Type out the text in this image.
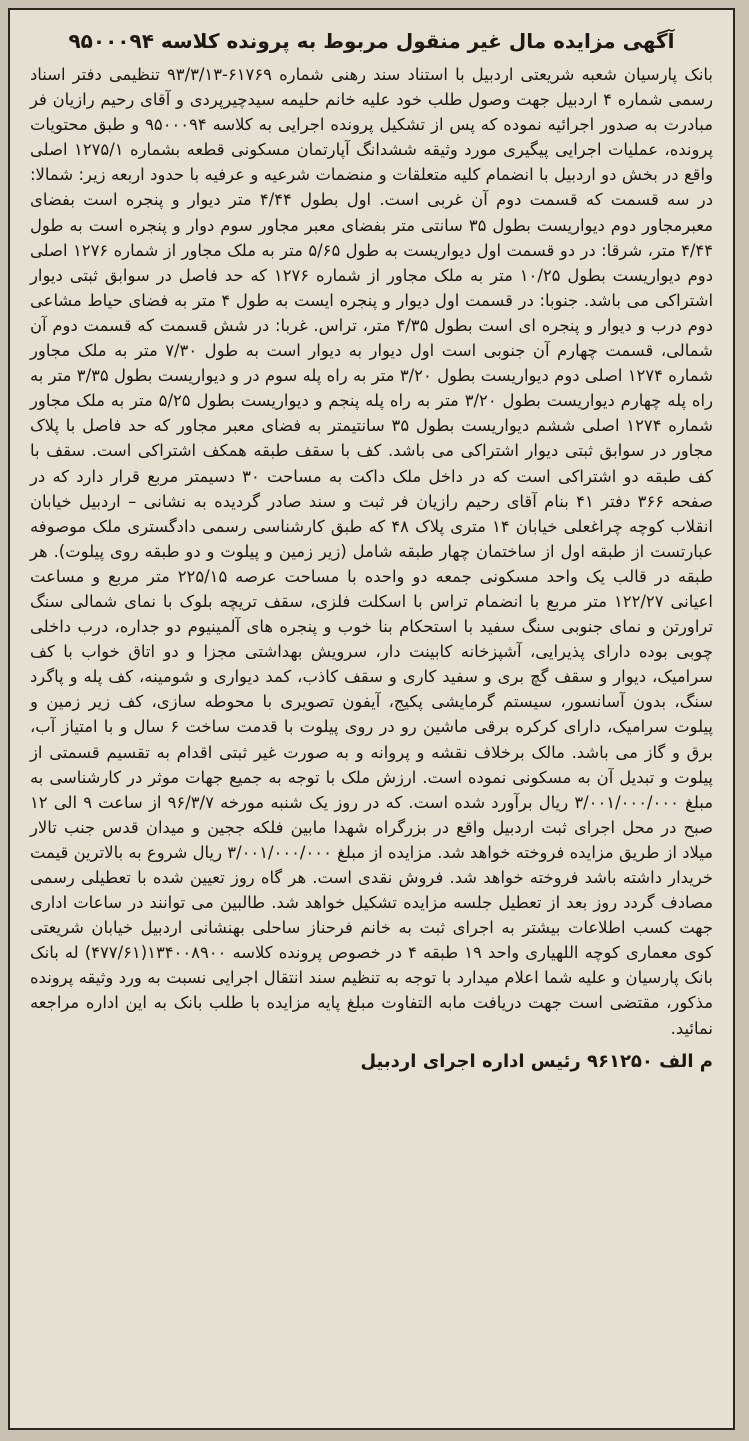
آگهی مزایده مال غیر منقول مربوط به پرونده کلاسه ۹۵۰۰۰۹۴

بانک پارسیان شعبه شریعتی اردبیل با استناد سند رهنی شماره ۶۱۷۶۹-۹۳/۳/۱۳ تنظیمی دفتر اسناد رسمی شماره ۴ اردبیل جهت وصول طلب خود علیه خانم حلیمه سیدچیرپردی و آقای رحیم رازیان فر مبادرت به صدور اجرائیه نموده که پس از تشکیل پرونده اجرایی به کلاسه ۹۵۰۰۰۹۴ و طبق محتویات پرونده، عملیات اجرایی پیگیری مورد وثیقه ششدانگ آپارتمان مسکونی قطعه بشماره ۱۲۷۵/۱ اصلی واقع در بخش دو اردبیل با انضمام کلیه متعلقات و منضمات شرعیه و عرفیه با حدود اربعه زیر: شمالا: در سه قسمت که قسمت دوم آن غربی است. اول بطول ۴/۴۴ متر دیوار و پنجره است بفضای معبرمجاور دوم دیواریست بطول ۳۵ سانتی متر بفضای معبر مجاور سوم دوار و پنجره است به طول ۴/۴۴ متر، شرقا: در دو قسمت اول دیواریست به طول ۵/۶۵ متر به ملک مجاور از شماره ۱۲۷۶ اصلی دوم دیواریست بطول ۱۰/۲۵ متر به ملک مجاور از شماره ۱۲۷۶ که حد فاصل در سوابق ثبتی دیوار اشتراکی می باشد. جنوبا: در قسمت اول دیوار و پنجره ایست به طول ۴ متر به فضای حیاط مشاعی دوم درب و دیوار و پنجره ای است بطول ۴/۳۵ متر، تراس. غربا: در شش قسمت که قسمت دوم آن شمالی، قسمت چهارم آن جنوبی است اول دیوار به دیوار است به طول ۷/۳۰ متر به ملک مجاور شماره ۱۲۷۴ اصلی دوم دیواریست بطول ۳/۲۰ متر به راه پله سوم در و دیواریست بطول ۳/۳۵ متر به راه پله چهارم دیواریست بطول ۳/۲۰ متر به راه پله پنجم و دیواریست بطول ۵/۲۵ متر به ملک مجاور شماره ۱۲۷۴ اصلی ششم دیواریست بطول ۳۵ سانتیمتر به فضای معبر مجاور که حد فاصل با پلاک مجاور در سوابق ثبتی دیوار اشتراکی می باشد. کف با سقف طبقه همکف اشتراکی است. سقف با کف طبقه دو اشتراکی است که در داخل ملک داکت به مساحت ۳۰ دسیمتر مربع قرار دارد که در صفحه ۳۶۶ دفتر ۴۱ بنام آقای رحیم رازیان فر ثبت و سند صادر گردیده به نشانی – اردبیل خیابان انقلاب کوچه چراغعلی خیابان ۱۴ متری پلاک ۴۸ که طبق کارشناسی رسمی دادگستری ملک موصوفه عبارتست از طبقه اول از ساختمان چهار طبقه شامل (زیر زمین و پیلوت و دو طبقه روی پیلوت). هر طبقه در قالب یک واحد مسکونی جمعه دو واحده با مساحت عرصه ۲۲۵/۱۵ متر مربع و مساعت اعیانی ۱۲۲/۲۷ متر مربع با انضمام تراس با اسکلت فلزی، سقف تریچه بلوک با نمای شمالی سنگ تراورتن و نمای جنوبی سنگ سفید با استحکام بنا خوب و پنجره های آلمینیوم دو جداره، درب داخلی چوبی بوده دارای پذیرایی، آشپزخانه کابینت دار، سرویش بهداشتی مجزا و دو اتاق خواب با کف سرامیک، دیوار و سقف گچ بری و سفید کاری و سقف کاذب، کمد دیواری و شومینه، کف پله و پاگرد سنگ، بدون آسانسور، سیستم گرمایشی پکیج، آیفون تصویری با محوطه سازی، کف زیر زمین و پیلوت سرامیک، دارای کرکره برقی ماشین رو در روی پیلوت با قدمت ساخت ۶ سال و با امتیاز آب، برق و گاز می باشد. مالک برخلاف نقشه و پروانه و به صورت غیر ثبتی اقدام به تقسیم قسمتی از پیلوت و تبدیل آن به مسکونی نموده است. ارزش ملک با توجه به جمیع جهات موثر در کارشناسی به مبلغ ۳/۰۰۱/۰۰۰/۰۰۰ ریال برآورد شده است. که در روز یک شنبه مورخه ۹۶/۳/۷ از ساعت ۹ الی ۱۲ صبح در محل اجرای ثبت اردبیل واقع در بزرگراه شهدا مابین فلکه ججین و میدان قدس جنب تالار میلاد از طریق مزایده فروخته خواهد شد. مزایده از مبلغ ۳/۰۰۱/۰۰۰/۰۰۰ ریال شروع به بالاترین قیمت خریدار داشته باشد فروخته خواهد شد. فروش نقدی است. هر گاه روز تعیین شده با تعطیلی رسمی مصادف گردد روز بعد از تعطیل جلسه مزایده تشکیل خواهد شد. طالبین می توانند در ساعات اداری جهت کسب اطلاعات بیشتر به اجرای ثبت به خانم فرحناز ساحلی بهنشانی اردبیل خیابان شریعتی کوی معماری کوچه اللهیاری واحد ۱۹ طبقه ۴ در خصوص پرونده کلاسه ۱۳۴۰۰۸۹۰۰(۴۷۷/۶۱) له بانک بانک پارسیان و علیه شما اعلام میدارد با توجه به تنظیم سند انتقال اجرایی نسبت به ورد وثیقه پرونده مذکور، مقتضی است جهت دریافت مابه التفاوت مبلغ پایه مزایده با طلب بانک به این اداره مراجعه نمائید.

م الف ۹۶۱۲۵۰ رئیس اداره اجرای اردبیل
